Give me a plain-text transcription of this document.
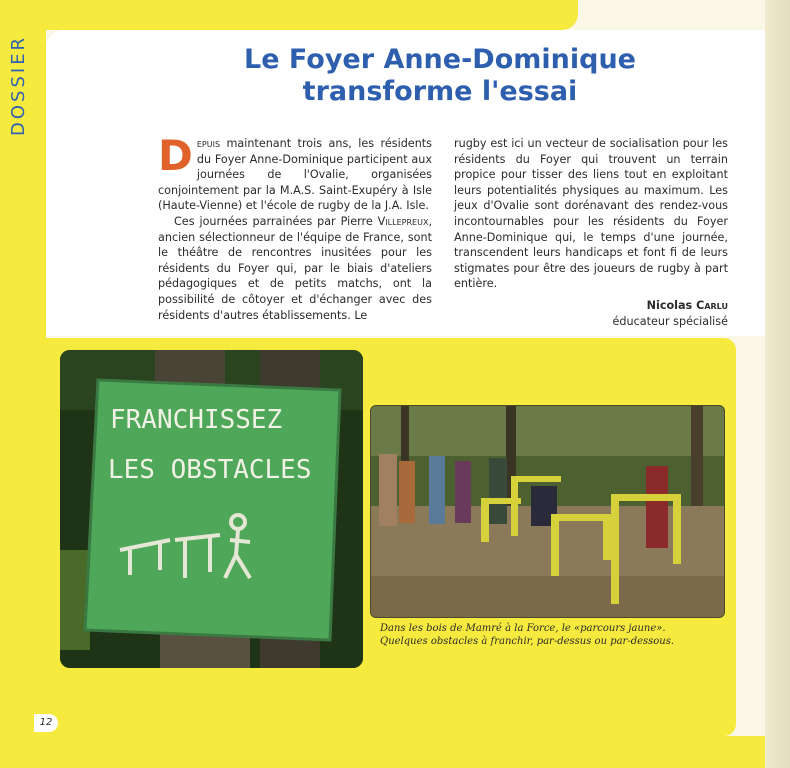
DOSSIER	Le Foyer Anne-Dominique
transforme l'essai

Depuis maintenant trois ans, les résidents du Foyer Anne-Dominique participent aux journées de l'Ovalie, organisées conjointement par la M.A.S. Saint-Exupéry à Isle (Haute-Vienne) et l'école de rugby de la J.A. Isle.

Ces journées parrainées par Pierre Villepreux, ancien sélectionneur de l'équipe de France, sont le théâtre de rencontres inusitées pour les résidents du Foyer qui, par le biais d'ateliers pédagogiques et de petits matchs, ont la possibilité de côtoyer et d'échanger avec des résidents d'autres établissements. Le

rugby est ici un vecteur de socialisation pour les résidents du Foyer qui trouvent un terrain propice pour tisser des liens tout en exploitant leurs potentialités physiques au maximum. Les jeux d'Ovalie sont dorénavant des rendez-vous incontournables pour les résidents du Foyer Anne-Dominique qui, le temps d'une journée, transcendent leurs handicaps et font fi de leurs stigmates pour être des joueurs de rugby à part entière.

Nicolas Carlu
éducateur spécialisé
FRANCHISSEZ
LES OBSTACLES
Dans les bois de Mamré à la Force, le «parcours jaune».
Quelques obstacles à franchir, par-dessus ou par-dessous.
12
